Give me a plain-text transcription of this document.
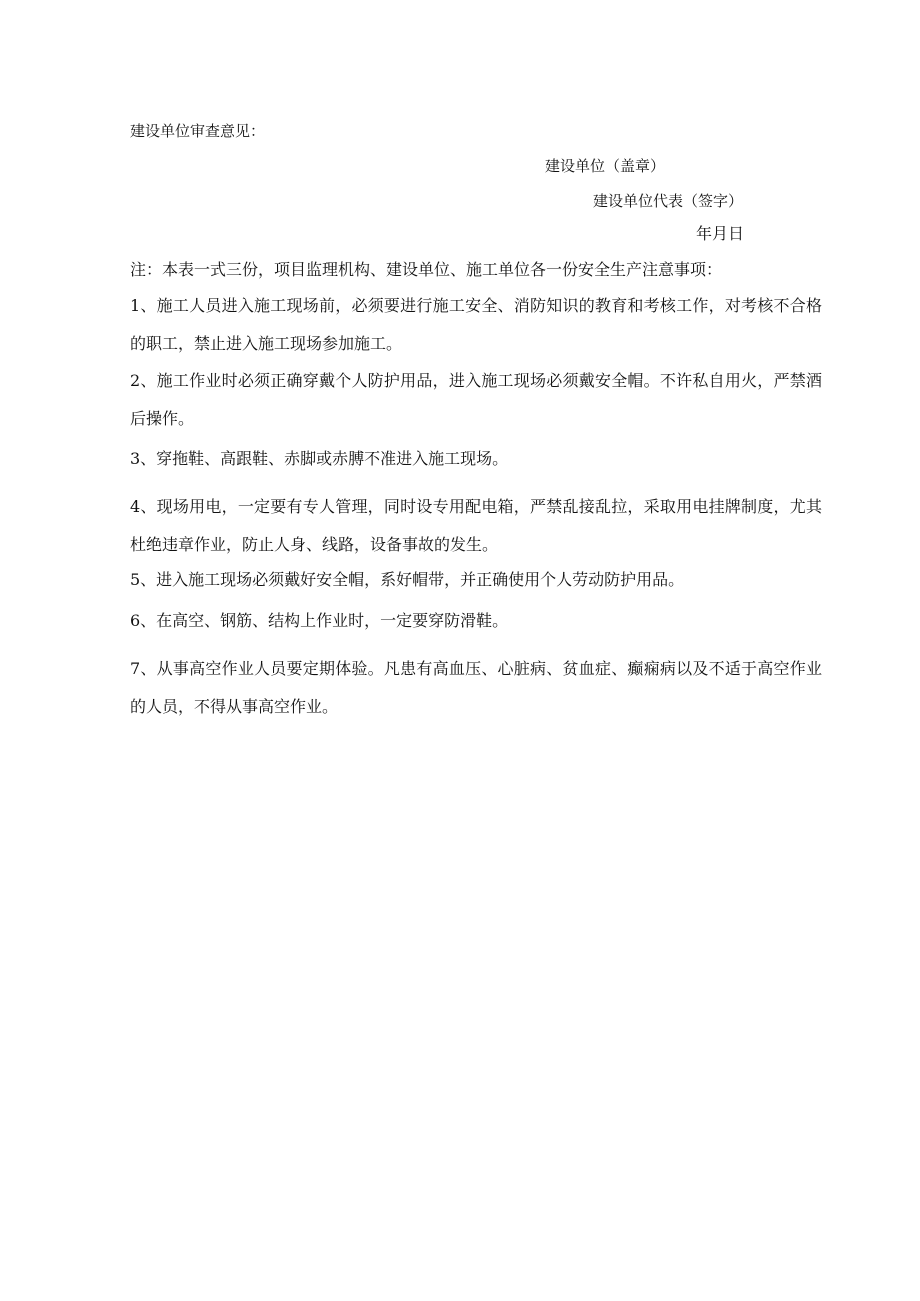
建设单位审查意见：
建设单位（盖章）
建设单位代表（签字）
年月日
注：本表一式三份，项目监理机构、建设单位、施工单位各一份安全生产注意事项：
1、施工人员进入施工现场前，必须要进行施工安全、消防知识的教育和考核工作，对考核不合格的职工，禁止进入施工现场参加施工。
2、施工作业时必须正确穿戴个人防护用品，进入施工现场必须戴安全帽。不许私自用火，严禁酒后操作。
3、穿拖鞋、高跟鞋、赤脚或赤膊不准进入施工现场。
4、现场用电，一定要有专人管理，同时设专用配电箱，严禁乱接乱拉，采取用电挂牌制度，尤其杜绝违章作业，防止人身、线路，设备事故的发生。
5、进入施工现场必须戴好安全帽，系好帽带，并正确使用个人劳动防护用品。
6、在高空、钢筋、结构上作业时，一定要穿防滑鞋。
7、从事高空作业人员要定期体验。凡患有高血压、心脏病、贫血症、癫痫病以及不适于高空作业的人员，不得从事高空作业。
